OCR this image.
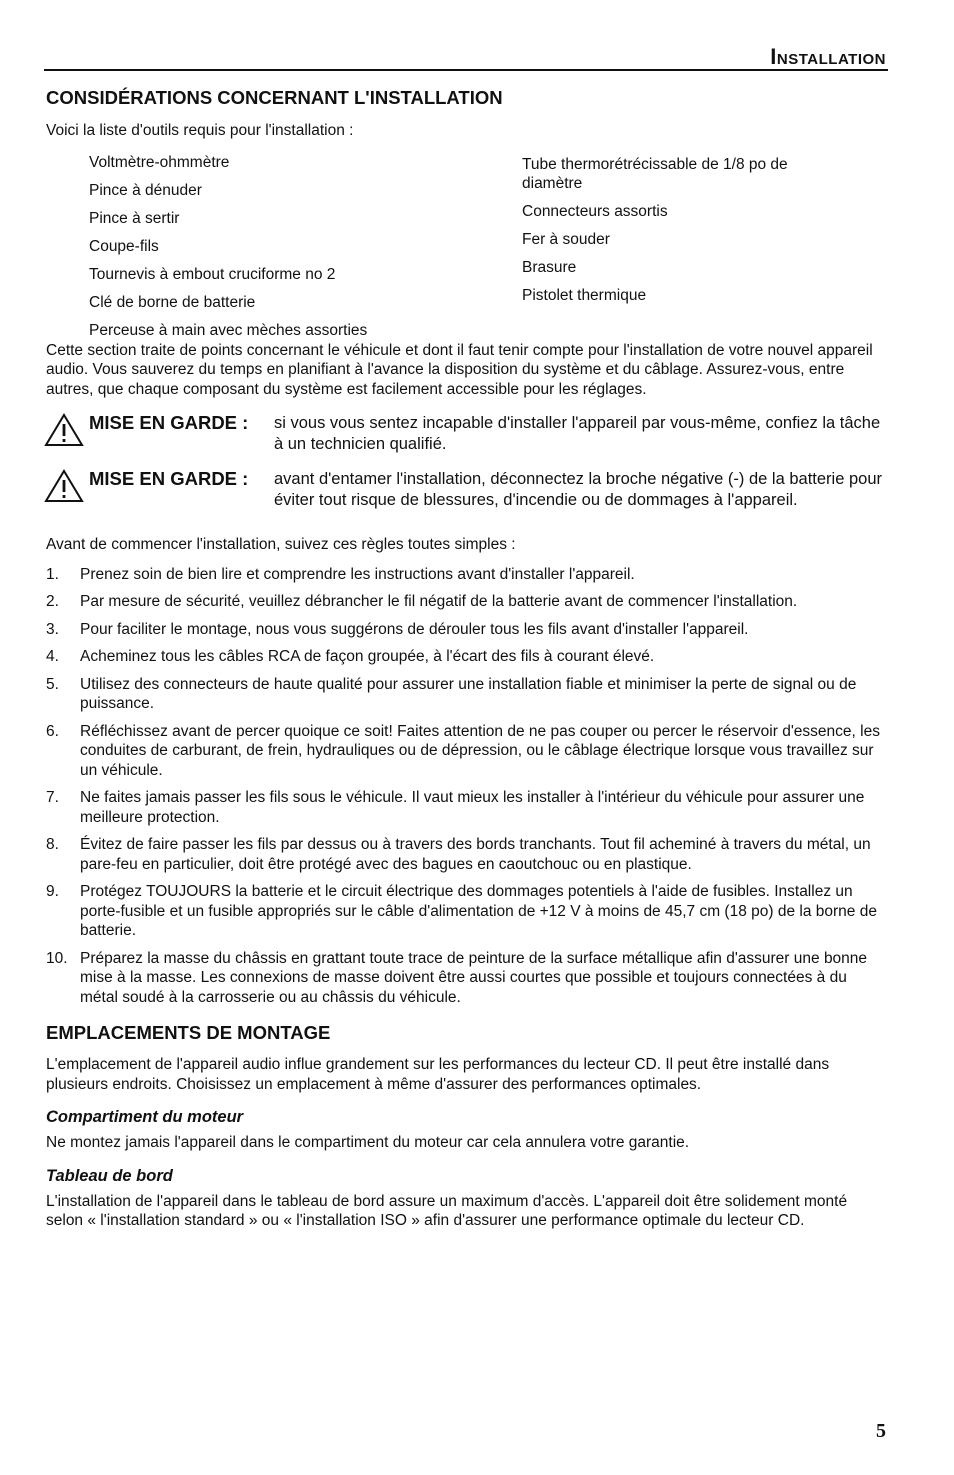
Installation
CONSIDÉRATIONS CONCERNANT L'INSTALLATION

Voici la liste d'outils requis pour l'installation :

Voltmètre-ohmmètre
Pince à dénuder
Pince à sertir
Coupe-fils
Tournevis à embout cruciforme no 2
Clé de borne de batterie
Perceuse à main avec mèches assorties
Tube thermorétrécissable de 1/8 po de diamètre
Connecteurs assortis
Fer à souder
Brasure
Pistolet thermique

Cette section traite de points concernant le véhicule et dont il faut tenir compte pour l'installation de votre nouvel appareil audio. Vous sauverez du temps en planifiant à l'avance la disposition du système et du câblage. Assurez-vous, entre autres, que chaque composant du système est facilement accessible pour les réglages.

MISE EN GARDE : si vous vous sentez incapable d'installer l'appareil par vous-même, confiez la tâche à un technicien qualifié.
MISE EN GARDE : avant d'entamer l'installation, déconnectez la broche négative (-) de la batterie pour éviter tout risque de blessures, d'incendie ou de dommages à l'appareil.

Avant de commencer l'installation, suivez ces règles toutes simples :

1. Prenez soin de bien lire et comprendre les instructions avant d'installer l'appareil.
2. Par mesure de sécurité, veuillez débrancher le fil négatif de la batterie avant de commencer l'installation.
3. Pour faciliter le montage, nous vous suggérons de dérouler tous les fils avant d'installer l'appareil.
4. Acheminez tous les câbles RCA de façon groupée, à l'écart des fils à courant élevé.
5. Utilisez des connecteurs de haute qualité pour assurer une installation fiable et minimiser la perte de signal ou de puissance.
6. Réfléchissez avant de percer quoique ce soit! Faites attention de ne pas couper ou percer le réservoir d'essence, les conduites de carburant, de frein, hydrauliques ou de dépression, ou le câblage électrique lorsque vous travaillez sur un véhicule.
7. Ne faites jamais passer les fils sous le véhicule. Il vaut mieux les installer à l'intérieur du véhicule pour assurer une meilleure protection.
8. Évitez de faire passer les fils par dessus ou à travers des bords tranchants. Tout fil acheminé à travers du métal, un pare-feu en particulier, doit être protégé avec des bagues en caoutchouc ou en plastique.
9. Protégez TOUJOURS la batterie et le circuit électrique des dommages potentiels à l'aide de fusibles. Installez un porte-fusible et un fusible appropriés sur le câble d'alimentation de +12 V à moins de 45,7 cm (18 po) de la borne de batterie.
10. Préparez la masse du châssis en grattant toute trace de peinture de la surface métallique afin d'assurer une bonne mise à la masse. Les connexions de masse doivent être aussi courtes que possible et toujours connectées à du métal soudé à la carrosserie ou au châssis du véhicule.
EMPLACEMENTS DE MONTAGE

L'emplacement de l'appareil audio influe grandement sur les performances du lecteur CD. Il peut être installé dans plusieurs endroits. Choisissez un emplacement à même d'assurer des performances optimales.

Compartiment du moteur

Ne montez jamais l'appareil dans le compartiment du moteur car cela annulera votre garantie.

Tableau de bord

L'installation de l'appareil dans le tableau de bord assure un maximum d'accès. L'appareil doit être solidement monté selon « l'installation standard » ou « l'installation ISO » afin d'assurer une performance optimale du lecteur CD.

5
